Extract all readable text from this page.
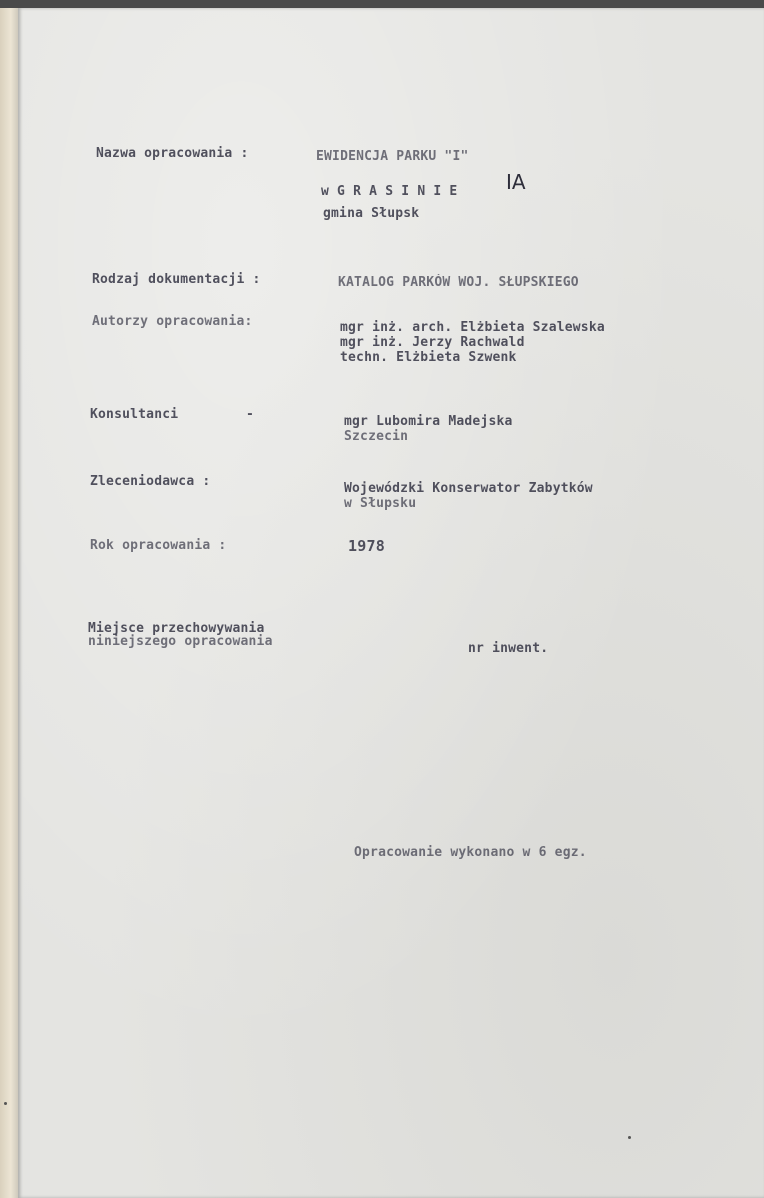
Nazwa opracowania :	EWIDENCJA PARKU "I"
w G R A S I N I E IA
gmina Słupsk
Rodzaj dokumentacji :	KATALOG PARKÓW WOJ. SŁUPSKIEGO
Autorzy opracowania:	mgr inż. arch. Elżbieta Szalewska
mgr inż. Jerzy Rachwald
techn. Elżbieta Szwenk
Konsultanci	-	mgr Lubomira Madejska
Szczecin
Zleceniodawca :	Wojewódzki Konserwator Zabytków
w Słupsku
Rok opracowania :	1978
Miejsce przechowywania
niniejszego opracowania	nr inwent.
Opracowanie wykonano w 6 egz.
